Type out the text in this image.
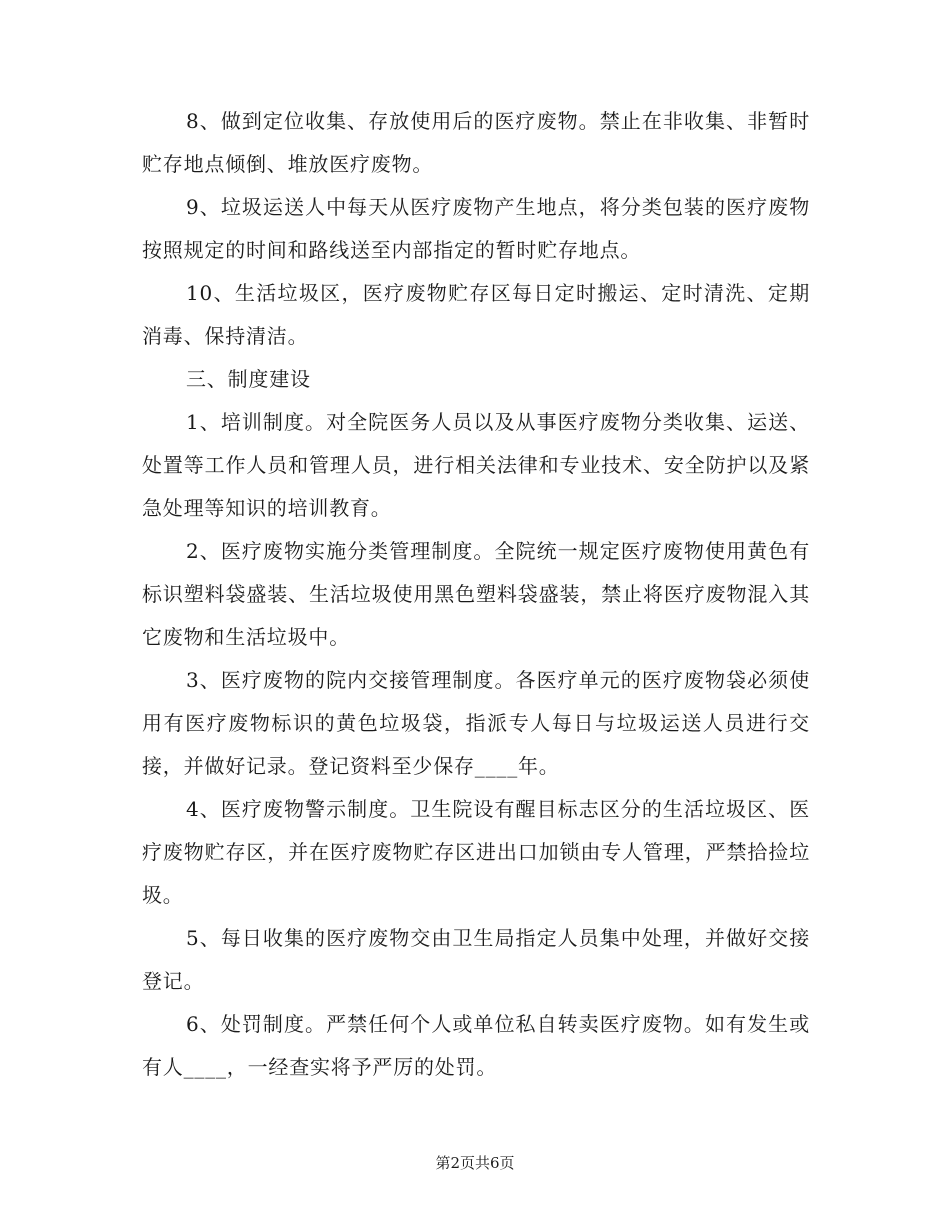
8、做到定位收集、存放使用后的医疗废物。禁止在非收集、非暂时贮存地点倾倒、堆放医疗废物。

9、垃圾运送人中每天从医疗废物产生地点，将分类包装的医疗废物按照规定的时间和路线送至内部指定的暂时贮存地点。

10、生活垃圾区，医疗废物贮存区每日定时搬运、定时清洗、定期消毒、保持清洁。

三、制度建设

1、培训制度。对全院医务人员以及从事医疗废物分类收集、运送、处置等工作人员和管理人员，进行相关法律和专业技术、安全防护以及紧急处理等知识的培训教育。

2、医疗废物实施分类管理制度。全院统一规定医疗废物使用黄色有标识塑料袋盛装、生活垃圾使用黑色塑料袋盛装，禁止将医疗废物混入其它废物和生活垃圾中。

3、医疗废物的院内交接管理制度。各医疗单元的医疗废物袋必须使用有医疗废物标识的黄色垃圾袋，指派专人每日与垃圾运送人员进行交接，并做好记录。登记资料至少保存____年。

4、医疗废物警示制度。卫生院设有醒目标志区分的生活垃圾区、医疗废物贮存区，并在医疗废物贮存区进出口加锁由专人管理，严禁拾捡垃圾。

5、每日收集的医疗废物交由卫生局指定人员集中处理，并做好交接登记。

6、处罚制度。严禁任何个人或单位私自转卖医疗废物。如有发生或有人____，一经查实将予严厉的处罚。

第2页共6页
